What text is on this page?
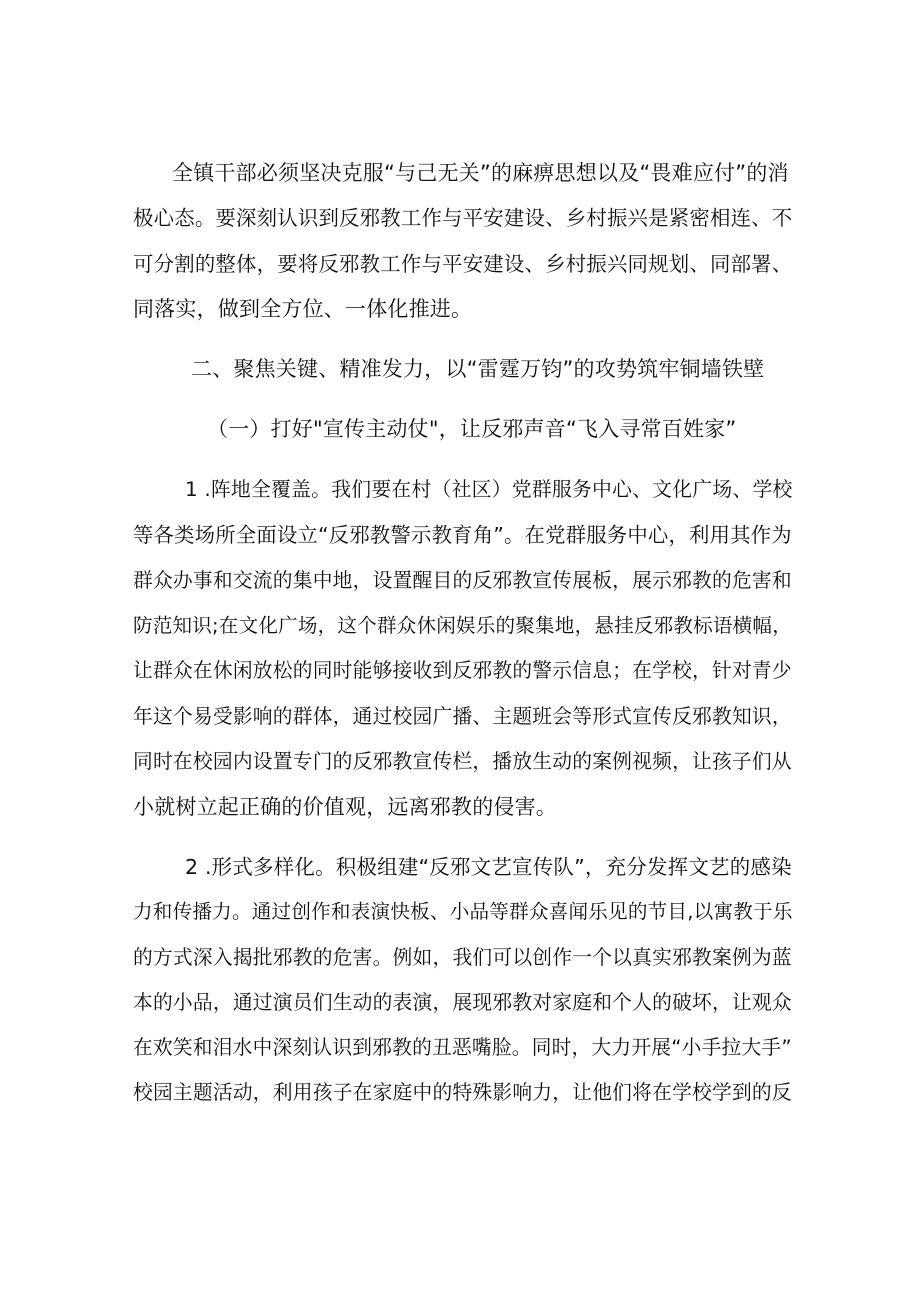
全镇干部必须坚决克服“与己无关”的麻痹思想以及“畏难应付”的消
极心态。要深刻认识到反邪教工作与平安建设、乡村振兴是紧密相连、不
可分割的整体，要将反邪教工作与平安建设、乡村振兴同规划、同部署、
同落实，做到全方位、一体化推进。
二、聚焦关键、精准发力，以“雷霆万钧”的攻势筑牢铜墙铁壁
（一）打好"宣传主动仗"，让反邪声音“飞入寻常百姓家”
1 .阵地全覆盖。我们要在村（社区）党群服务中心、文化广场、学校
等各类场所全面设立“反邪教警示教育角”。在党群服务中心，利用其作为
群众办事和交流的集中地，设置醒目的反邪教宣传展板，展示邪教的危害和
防范知识;在文化广场，这个群众休闲娱乐的聚集地，悬挂反邪教标语横幅，
让群众在休闲放松的同时能够接收到反邪教的警示信息；在学校，针对青少
年这个易受影响的群体，通过校园广播、主题班会等形式宣传反邪教知识，
同时在校园内设置专门的反邪教宣传栏，播放生动的案例视频，让孩子们从
小就树立起正确的价值观，远离邪教的侵害。
2 .形式多样化。积极组建“反邪文艺宣传队”，充分发挥文艺的感染
力和传播力。通过创作和表演快板、小品等群众喜闻乐见的节目,以寓教于乐
的方式深入揭批邪教的危害。例如，我们可以创作一个以真实邪教案例为蓝
本的小品，通过演员们生动的表演，展现邪教对家庭和个人的破坏，让观众
在欢笑和泪水中深刻认识到邪教的丑恶嘴脸。同时，大力开展“小手拉大手”
校园主题活动，利用孩子在家庭中的特殊影响力，让他们将在学校学到的反
